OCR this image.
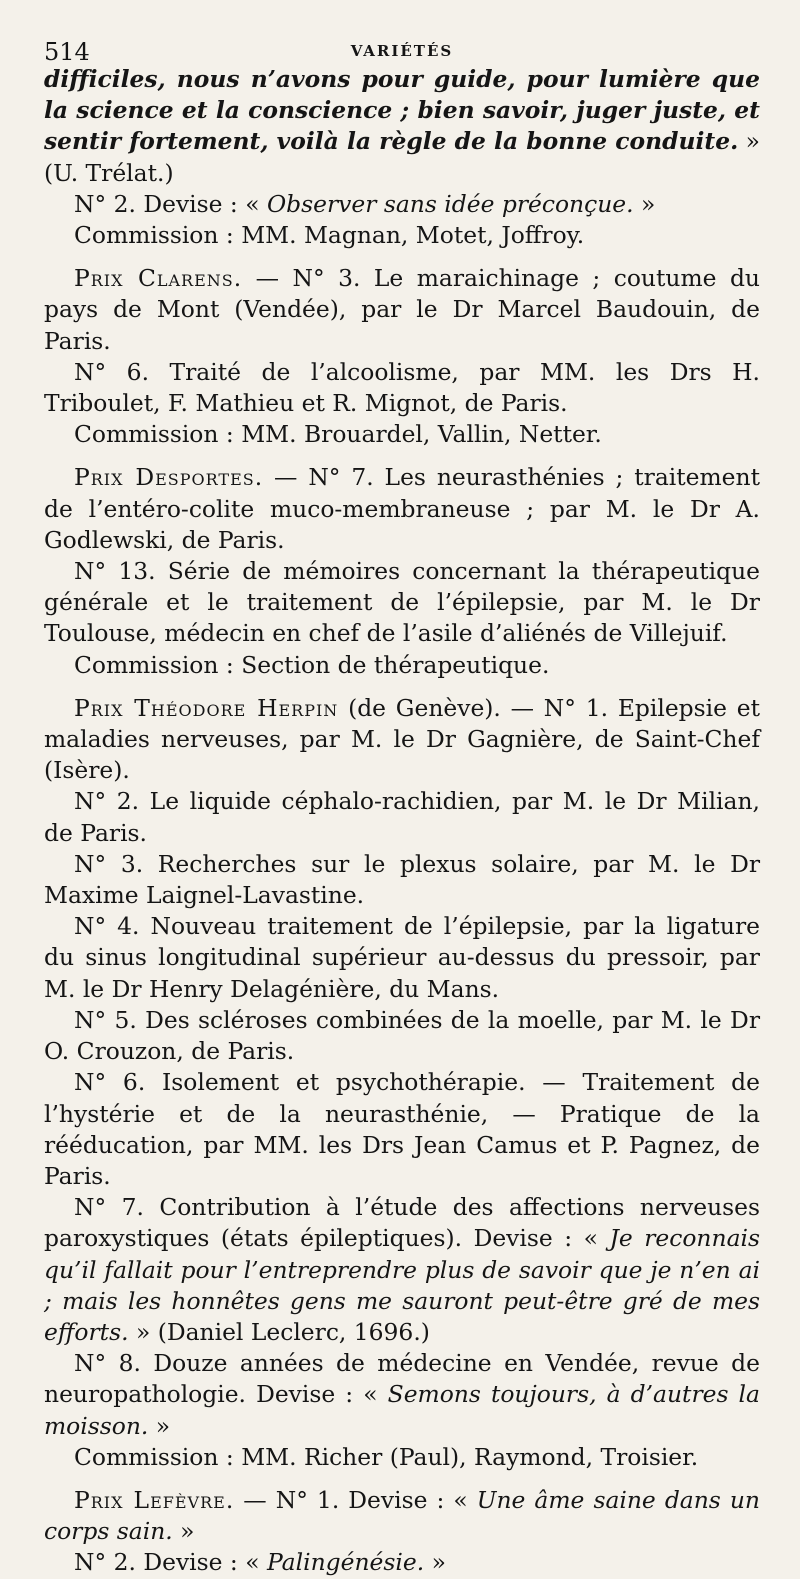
514	VARIÉTÉS

difficiles, nous n’avons pour guide, pour lumière que la science et la conscience ; bien savoir, juger juste, et sentir fortement, voilà la règle de la bonne conduite. » (U. Trélat.)

N° 2. Devise : « Observer sans idée préconçue. »

Commission : MM. Magnan, Motet, Joffroy.

Prix Clarens. — N° 3. Le maraichinage ; coutume du pays de Mont (Vendée), par le Dr Marcel Baudouin, de Paris.

N° 6. Traité de l’alcoolisme, par MM. les Drs H. Triboulet, F. Mathieu et R. Mignot, de Paris.

Commission : MM. Brouardel, Vallin, Netter.

Prix Desportes. — N° 7. Les neurasthénies ; traitement de l’entéro-colite muco-membraneuse ; par M. le Dr A. Godlewski, de Paris.

N° 13. Série de mémoires concernant la thérapeutique générale et le traitement de l’épilepsie, par M. le Dr Toulouse, médecin en chef de l’asile d’aliénés de Villejuif.

Commission : Section de thérapeutique.

Prix Théodore Herpin (de Genève). — N° 1. Epilepsie et maladies nerveuses, par M. le Dr Gagnière, de Saint-Chef (Isère).

N° 2. Le liquide céphalo-rachidien, par M. le Dr Milian, de Paris.

N° 3. Recherches sur le plexus solaire, par M. le Dr Maxime Laignel-Lavastine.

N° 4. Nouveau traitement de l’épilepsie, par la ligature du sinus longitudinal supérieur au-dessus du pressoir, par M. le Dr Henry Delagénière, du Mans.

N° 5. Des scléroses combinées de la moelle, par M. le Dr O. Crouzon, de Paris.

N° 6. Isolement et psychothérapie. — Traitement de l’hystérie et de la neurasthénie, — Pratique de la rééducation, par MM. les Drs Jean Camus et P. Pagnez, de Paris.

N° 7. Contribution à l’étude des affections nerveuses paroxystiques (états épileptiques). Devise : « Je reconnais qu’il fallait pour l’entreprendre plus de savoir que je n’en ai ; mais les honnêtes gens me sauront peut-être gré de mes efforts. » (Daniel Leclerc, 1696.)

N° 8. Douze années de médecine en Vendée, revue de neuropathologie. Devise : « Semons toujours, à d’autres la moisson. »

Commission : MM. Richer (Paul), Raymond, Troisier.

Prix Lefèvre. — N° 1. Devise : « Une âme saine dans un corps sain. »

N° 2. Devise : « Palingénésie. »
